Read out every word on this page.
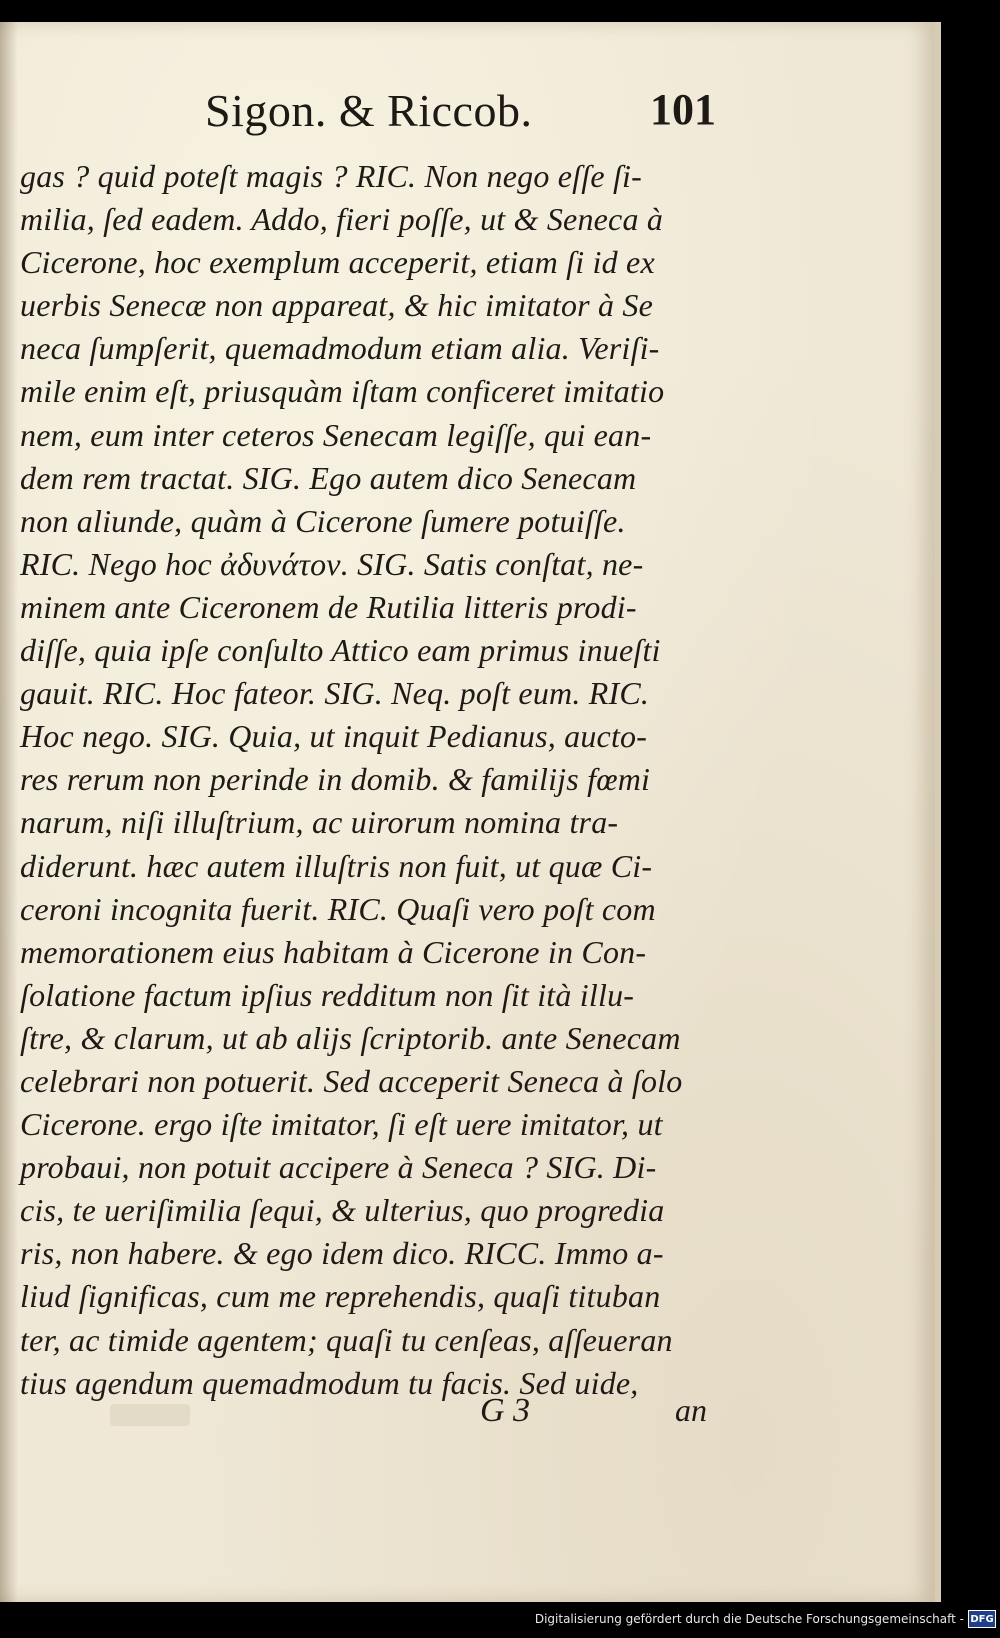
Sigon. & Riccob.	101
gas ? quid poteſt magis ? RIC. Non nego eſſe ſi-
milia, ſed eadem. Addo, fieri poſſe, ut & Seneca à
Cicerone, hoc exemplum acceperit, etiam ſi id ex
uerbis Senecæ non appareat, & hic imitator à Se
neca ſumpſerit, quemadmodum etiam alia. Veriſi-
mile enim eſt, priusquàm iſtam conficeret imitatio
nem, eum inter ceteros Senecam legiſſe, qui ean-
dem rem tractat. SIG. Ego autem dico Senecam
non aliunde, quàm à Cicerone ſumere potuiſſe.
RIC. Nego hoc ἀδυνάτον. SIG. Satis conſtat, ne-
minem ante Ciceronem de Rutilia litteris prodi-
diſſe, quia ipſe conſulto Attico eam primus inueſti
gauit. RIC. Hoc fateor. SIG. Neq. poſt eum. RIC.
Hoc nego. SIG. Quia, ut inquit Pedianus, auctο-
res rerum non perinde in domib. & familijs fœmi
narum, niſi illuſtrium, ac uirorum nomina tra-
diderunt. hæc autem illuſtris non fuit, ut quæ Ci-
ceroni incognita fuerit. RIC. Quaſi vero poſt com
memorationem eius habitam à Cicerone in Con-
ſolatione factum ipſius redditum non ſit ità illu-
ſtre, & clarum, ut ab alijs ſcriptorib. ante Senecam
celebrari non potuerit. Sed acceperit Seneca à ſolo
Cicerone. ergo iſte imitator, ſi eſt uere imitator, ut
probaui, non potuit accipere à Seneca ? SIG. Di-
cis, te ueriſimilia ſequi, & ulterius, quo progredia
ris, non habere. & ego idem dico. RICC. Immo a-
liud ſignificas, cum me reprehendis, quaſi tituban
ter, ac timide agentem; quaſi tu cenſeas, aſſeueran
tius agendum quemadmodum tu facis. Sed uide,
G 3	an
Digitalisierung gefördert durch die Deutsche Forschungsgemeinschaft - DFG
